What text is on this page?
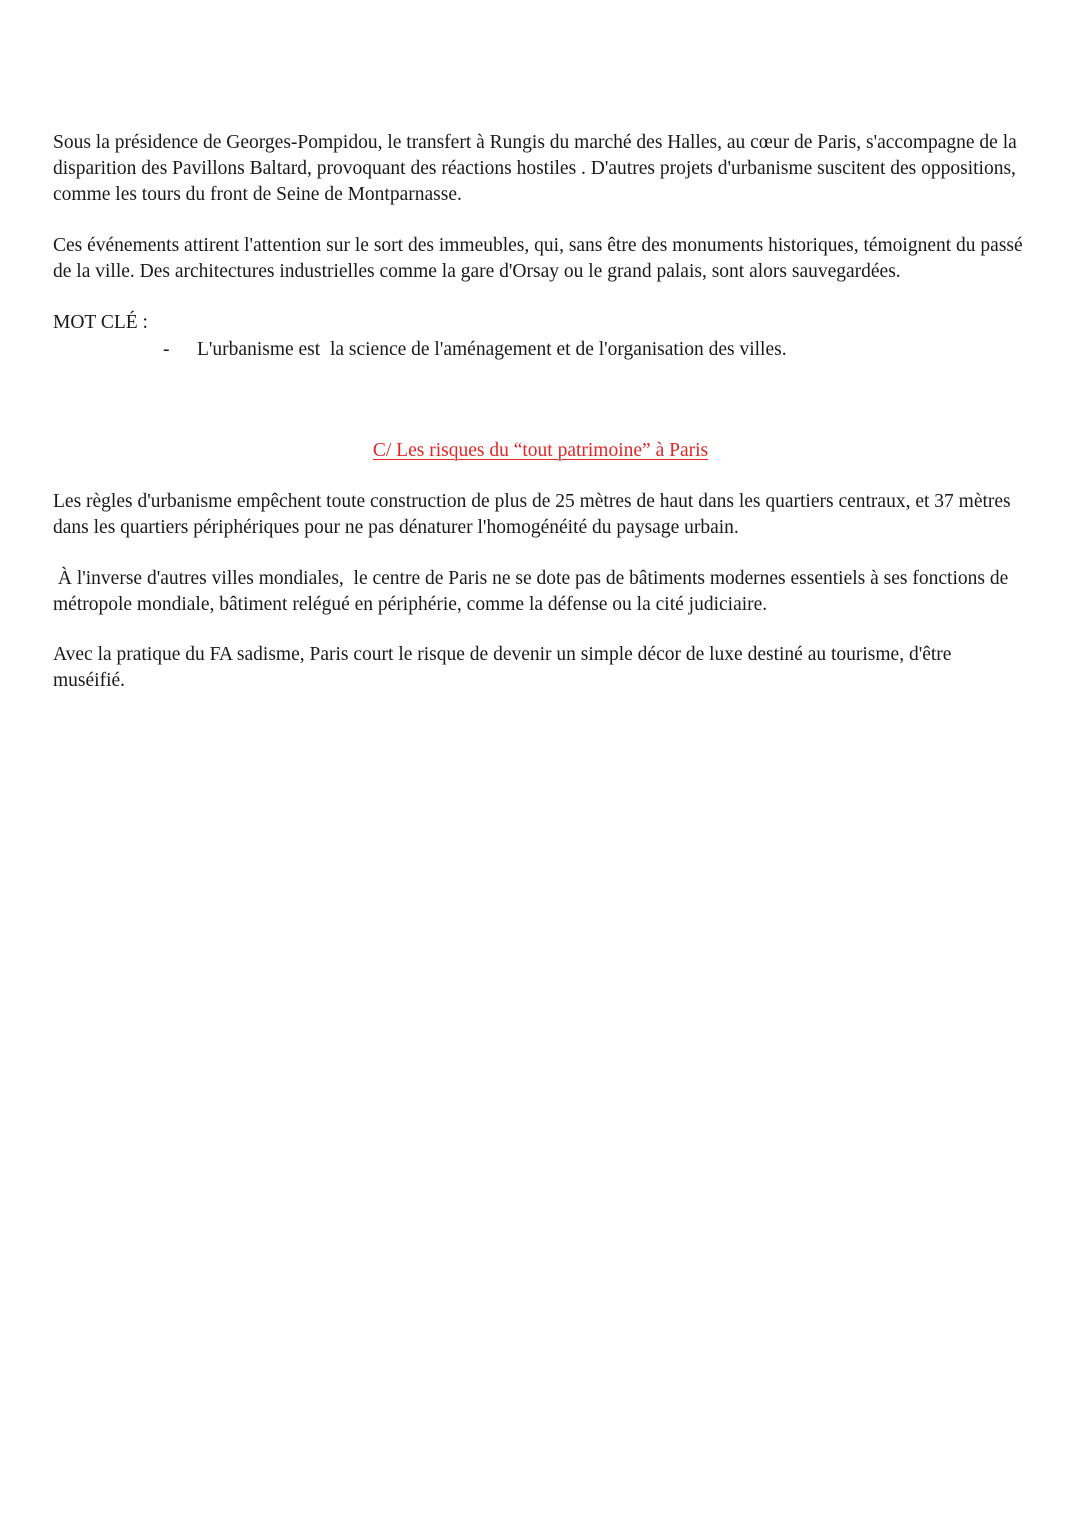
Sous la présidence de Georges-Pompidou, le transfert à Rungis du marché des Halles, au cœur de Paris, s'accompagne de la disparition des Pavillons Baltard, provoquant des réactions hostiles . D'autres projets d'urbanisme suscitent des oppositions, comme les tours du front de Seine de Montparnasse.

Ces événements attirent l'attention sur le sort des immeubles, qui, sans être des monuments historiques, témoignent du passé de la ville. Des architectures industrielles comme la gare d'Orsay ou le grand palais, sont alors sauvegardées.

MOT CLÉ :
-	L'urbanisme est  la science de l'aménagement et de l'organisation des villes.
C/ Les risques du “tout patrimoine” à Paris

Les règles d'urbanisme empêchent toute construction de plus de 25 mètres de haut dans les quartiers centraux, et 37 mètres dans les quartiers périphériques pour ne pas dénaturer l'homogénéité du paysage urbain.

À l'inverse d'autres villes mondiales,  le centre de Paris ne se dote pas de bâtiments modernes essentiels à ses fonctions de métropole mondiale, bâtiment relégué en périphérie, comme la défense ou la cité judiciaire.

Avec la pratique du FA sadisme, Paris court le risque de devenir un simple décor de luxe destiné au tourisme, d'être muséifié.
